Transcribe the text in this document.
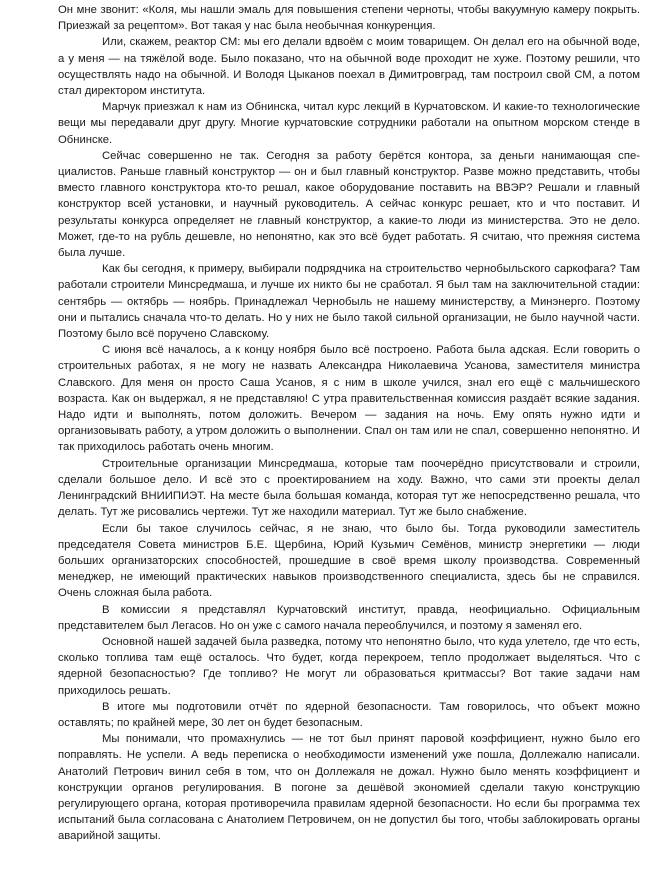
Он мне звонит: «Коля, мы нашли эмаль для повышения степени черноты, чтобы вакуумную камеру покрыть. Приезжай за рецептом». Вот такая у нас была необычная конкуренция.

Или, скажем, реактор СМ: мы его делали вдвоём с моим товарищем. Он делал его на обычной воде, а у меня — на тяжёлой воде. Было показано, что на обычной воде проходит не хуже. Поэтому решили, что осуществлять надо на обычной. И Володя Цыканов поехал в Димитровград, там построил свой СМ, а потом стал директором института.

Марчук приезжал к нам из Обнинска, читал курс лекций в Курчатовском. И какие-то технологические вещи мы передавали друг другу. Многие курчатовские сотрудники работали на опытном морском стенде в Обнинске.

Сейчас совершенно не так. Сегодня за работу берётся контора, за деньги нанимающая специалистов. Раньше главный конструктор — он и был главный конструктор. Разве можно представить, чтобы вместо главного конструктора кто-то решал, какое оборудование поставить на ВВЭР? Решали и главный конструктор всей установки, и научный руководитель. А сейчас конкурс решает, кто и что поставит. И результаты конкурса определяет не главный конструктор, а какие-то люди из министерства. Это не дело. Может, где-то на рубль дешевле, но непонятно, как это всё будет работать. Я считаю, что прежняя система была лучше.

Как бы сегодня, к примеру, выбирали подрядчика на строительство чернобыльского саркофага? Там работали строители Минсредмаша, и лучше их никто бы не сработал. Я был там на заключительной стадии: сентябрь — октябрь — ноябрь. Принадлежал Чернобыль не нашему министерству, а Минэнерго. Поэтому они и пытались сначала что-то делать. Но у них не было такой сильной организации, не было научной части. Поэтому было всё поручено Славскому.

С июня всё началось, а к концу ноября было всё построено. Работа была адская. Если говорить о строительных работах, я не могу не назвать Александра Николаевича Усанова, заместителя министра Славского. Для меня он просто Саша Усанов, я с ним в школе учился, знал его ещё с мальчишеского возраста. Как он выдержал, я не представляю! С утра правительственная комиссия раздаёт всякие задания. Надо идти и выполнять, потом доложить. Вечером — задания на ночь. Ему опять нужно идти и организовывать работу, а утром доложить о выполнении. Спал он там или не спал, совершенно непонятно. И так приходилось работать очень многим.

Строительные организации Минсредмаша, которые там поочерёдно присутствовали и строили, сделали большое дело. И всё это с проектированием на ходу. Важно, что сами эти проекты делал Ленинградский ВНИИПИЭТ. На месте была большая команда, которая тут же непосредственно решала, что делать. Тут же рисовались чертежи. Тут же находили материал. Тут же было снабжение.

Если бы такое случилось сейчас, я не знаю, что было бы. Тогда руководили заместитель председателя Совета министров Б.Е. Щербина, Юрий Кузьмич Семёнов, министр энергетики — люди больших организаторских способностей, прошедшие в своё время школу производства. Современный менеджер, не имеющий практических навыков производственного специалиста, здесь бы не справился. Очень сложная была работа.

В комиссии я представлял Курчатовский институт, правда, неофициально. Официальным представителем был Легасов. Но он уже с самого начала переоблучился, и поэтому я заменял его.

Основной нашей задачей была разведка, потому что непонятно было, что куда улетело, где что есть, сколько топлива там ещё осталось. Что будет, когда перекроем, тепло продолжает выделяться. Что с ядерной безопасностью? Где топливо? Не могут ли образоваться критмассы? Вот такие задачи нам приходилось решать.

В итоге мы подготовили отчёт по ядерной безопасности. Там говорилось, что объект можно оставлять; по крайней мере, 30 лет он будет безопасным.

Мы понимали, что промахнулись — не тот был принят паровой коэффициент, нужно было его поправлять. Не успели. А ведь переписка о необходимости изменений уже пошла, Доллежалю написали. Анатолий Петрович винил себя в том, что он Доллежаля не дожал. Нужно было менять коэффициент и конструкции органов регулирования. В погоне за дешёвой экономией сделали такую конструкцию регулирующего органа, которая противоречила правилам ядерной безопасности. Но если бы программа тех испытаний была согласована с Анатолием Петровичем, он не допустил бы того, чтобы заблокировать органы аварийной защиты.
